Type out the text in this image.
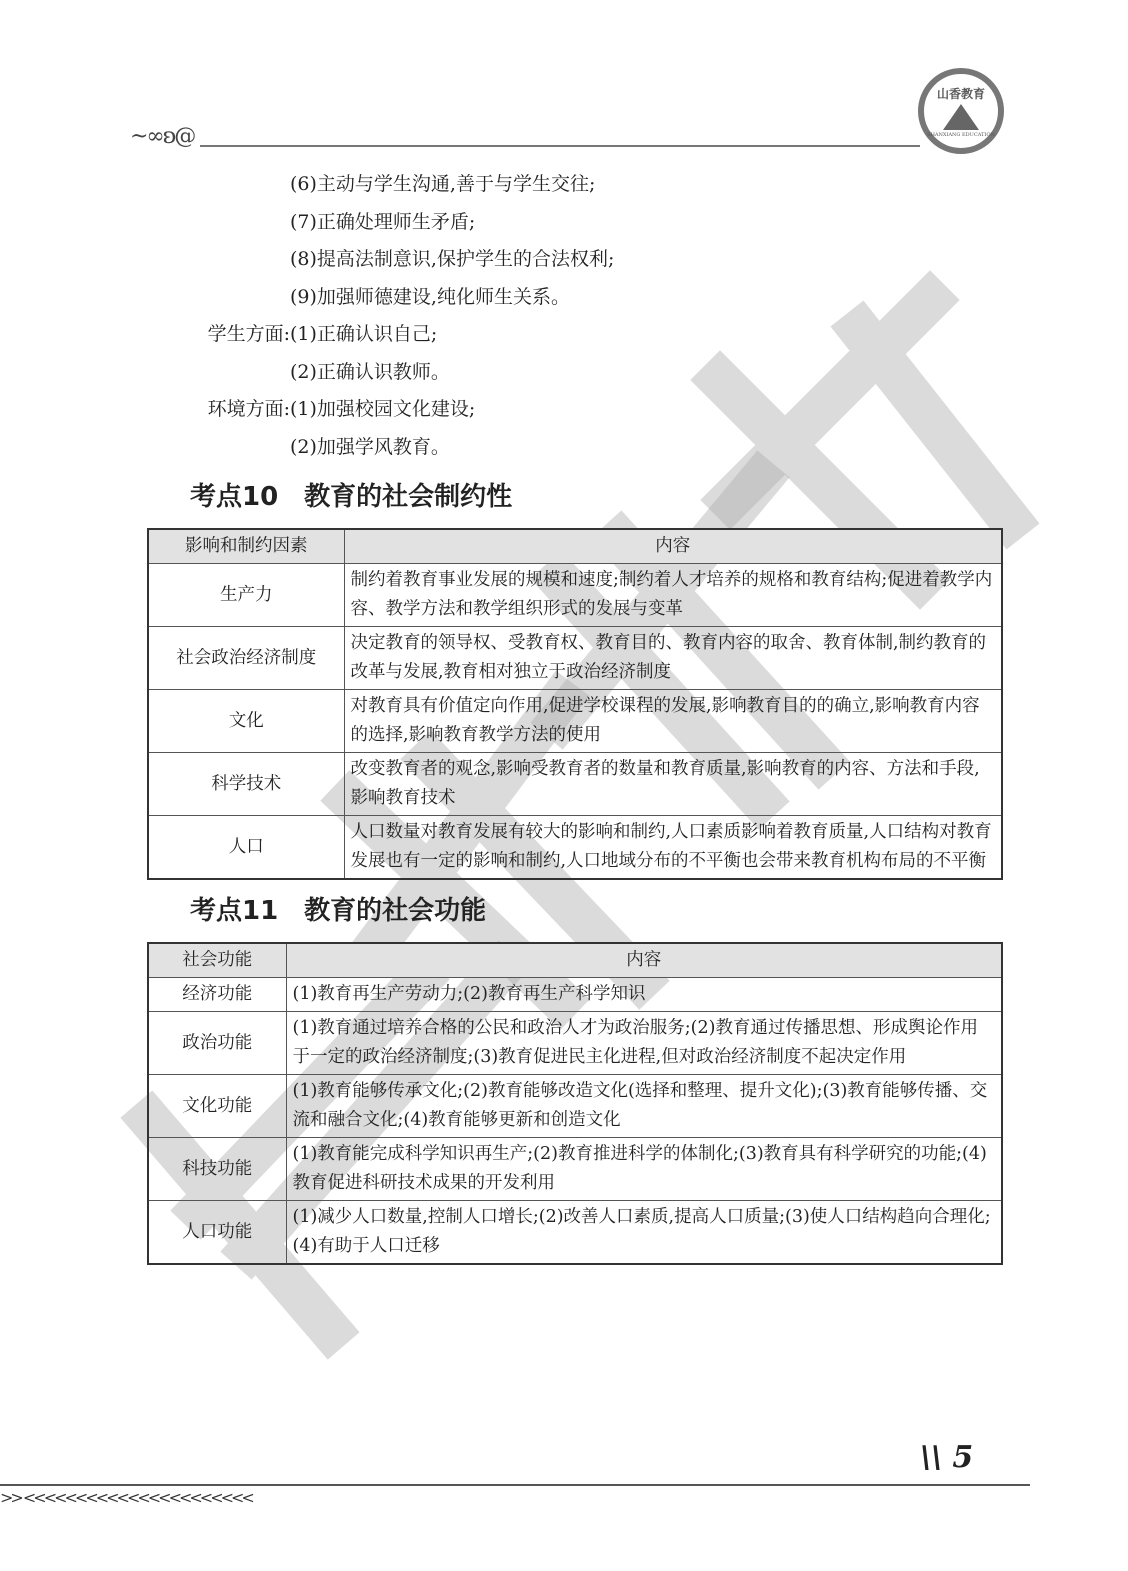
~∞ʚ@
山香教育
SHANXIANG EDUCATION
(6)主动与学生沟通,善于与学生交往;
(7)正确处理师生矛盾;
(8)提高法制意识,保护学生的合法权利;
(9)加强师德建设,纯化师生关系。
学生方面: (1)正确认识自己;
(2)正确认识教师。
环境方面: (1)加强校园文化建设;
(2)加强学风教育。
考点10　教育的社会制约性
影响和制约因素	内容
生产力	制约着教育事业发展的规模和速度;制约着人才培养的规格和教育结构;促进着教学内容、教学方法和教学组织形式的发展与变革
社会政治经济制度	决定教育的领导权、受教育权、教育目的、教育内容的取舍、教育体制,制约教育的改革与发展,教育相对独立于政治经济制度
文化	对教育具有价值定向作用,促进学校课程的发展,影响教育目的的确立,影响教育内容的选择,影响教育教学方法的使用
科学技术	改变教育者的观念,影响受教育者的数量和教育质量,影响教育的内容、方法和手段,影响教育技术
人口	人口数量对教育发展有较大的影响和制约,人口素质影响着教育质量,人口结构对教育发展也有一定的影响和制约,人口地域分布的不平衡也会带来教育机构布局的不平衡
考点11　教育的社会功能
社会功能	内容
经济功能	(1)教育再生产劳动力;(2)教育再生产科学知识
政治功能	(1)教育通过培养合格的公民和政治人才为政治服务;(2)教育通过传播思想、形成舆论作用于一定的政治经济制度;(3)教育促进民主化进程,但对政治经济制度不起决定作用
文化功能	(1)教育能够传承文化;(2)教育能够改造文化(选择和整理、提升文化);(3)教育能够传播、交流和融合文化;(4)教育能够更新和创造文化
科技功能	(1)教育能完成科学知识再生产;(2)教育推进科学的体制化;(3)教育具有科学研究的功能;(4)教育促进科研技术成果的开发利用
人口功能	(1)减少人口数量,控制人口增长;(2)改善人口素质,提高人口质量;(3)使人口结构趋向合理化;(4)有助于人口迁移
\\ 5
>> <<<<<<<<<<<<<<<<<<<<<<
